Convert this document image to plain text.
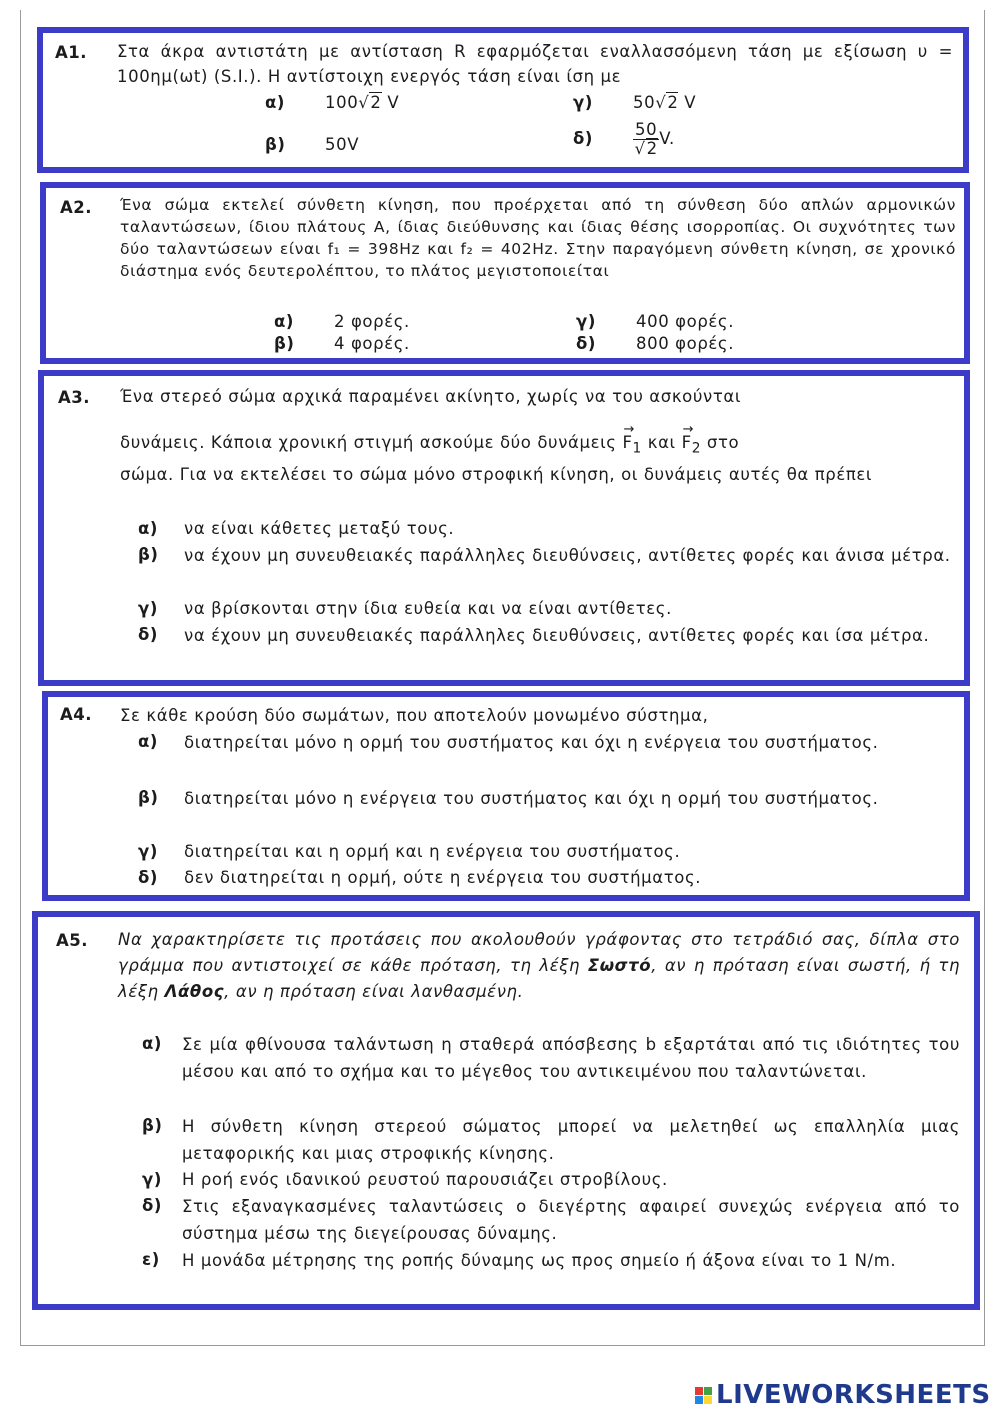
A1. Στα άκρα αντιστάτη με αντίσταση R εφαρμόζεται εναλλασσόμενη τάση με εξίσωση υ = 100ημ(ωt) (S.I.). Η αντίστοιχη ενεργός τάση είναι ίση με
α) 100√2 V	γ) 50√2 V
β) 50V	$\delta) \frac{50}{√2} V$.
A2. Ένα σώμα εκτελεί σύνθετη κίνηση, που προέρχεται από τη σύνθεση δύο απλών αρμονικών ταλαντώσεων, ίδιου πλάτους Α, ίδιας διεύθυνσης και ίδιας θέσης ισορροπίας. Οι συχνότητες των δύο ταλαντώσεων είναι f₁ = 398Hz και f₂ = 402Hz. Στην παραγόμενη σύνθετη κίνηση, σε χρονικό διάστημα ενός δευτερολέπτου, το πλάτος μεγιστοποιείται
α) 2 φορές.	γ) 400 φορές.
β) 4 φορές.	δ) 800 φορές.
A3. Ένα στερεό σώμα αρχικά παραμένει ακίνητο, χωρίς να του ασκούνται
δυνάμεις. Κάποια χρονική στιγμή ασκούμε δύο $\delta\upsilon\nu ά\mu\varepsilon\iota\varsigma \to F_1$ $\kappa\alpha\iota \to F_2$ στο
σώμα. Για να εκτελέσει το σώμα μόνο στροφική κίνηση, οι δυνάμεις αυτές θα πρέπει
α) να είναι κάθετες μεταξύ τους.
β)	να έχουν μη συνευθειακές παράλληλες διευθύνσεις, αντίθετες φορές και άνισα μέτρα.
γ) να βρίσκονται στην ίδια ευθεία και να είναι αντίθετες.
δ)	να έχουν μη συνευθειακές παράλληλες διευθύνσεις, αντίθετες φορές και ίσα μέτρα.
A4. Σε κάθε κρούση δύο σωμάτων, που αποτελούν μονωμένο σύστημα,
α)	διατηρείται μόνο η ορμή του συστήματος και όχι η ενέργεια του συστήματος.
β)	διατηρείται μόνο η ενέργεια του συστήματος και όχι η ορμή του συστήματος.
γ) διατηρείται και η ορμή και η ενέργεια του συστήματος.
δ) δεν διατηρείται η ορμή, ούτε η ενέργεια του συστήματος.
A5. Να χαρακτηρίσετε τις προτάσεις που ακολουθούν γράφοντας στο τετράδιό σας, δίπλα στο γράμμα που αντιστοιχεί σε κάθε πρόταση, τη λέξη Σωστό, αν η πρόταση είναι σωστή, ή τη λέξη Λάθος, αν η πρόταση είναι λανθασμένη.
α)	Σε μία φθίνουσα ταλάντωση η σταθερά απόσβεσης b εξαρτάται από τις ιδιότητες του μέσου και από το σχήμα και το μέγεθος του αντικειμένου που ταλαντώνεται.
β)	Η σύνθετη κίνηση στερεού σώματος μπορεί να μελετηθεί ως επαλληλία μιας μεταφορικής και μιας στροφικής κίνησης.
γ) Η ροή ενός ιδανικού ρευστού παρουσιάζει στροβίλους.
δ)	Στις εξαναγκασμένες ταλαντώσεις ο διεγέρτης αφαιρεί συνεχώς ενέργεια από το σύστημα μέσω της διεγείρουσας δύναμης.
ε)	Η μονάδα μέτρησης της ροπής δύναμης ως προς σημείο ή άξονα είναι το 1 N/m.
LIVEWORKSHEETS
